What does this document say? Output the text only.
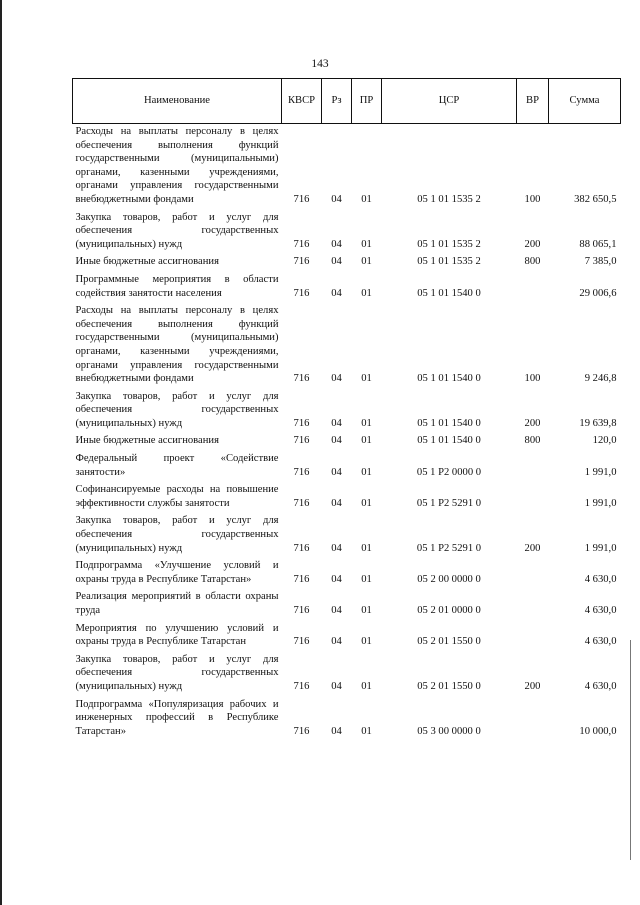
143
Наименование	КВСР	Рз	ПР	ЦСР	ВР	Сумма
Расходы на выплаты персоналу в целях обеспечения выполнения функций государственными (муниципальными) органами, казенными учреждениями, органами управления государственными внебюджетными фондами	716	04	01	05 1 01 1535 2	100	382 650,5
Закупка товаров, работ и услуг для обеспечения государственных (муниципальных) нужд	716	04	01	05 1 01 1535 2	200	88 065,1
Иные бюджетные ассигнования	716	04	01	05 1 01 1535 2	800	7 385,0
Программные мероприятия в области содействия занятости населения	716	04	01	05 1 01 1540 0		29 006,6
Расходы на выплаты персоналу в целях обеспечения выполнения функций государственными (муниципальными) органами, казенными учреждениями, органами управления государственными внебюджетными фондами	716	04	01	05 1 01 1540 0	100	9 246,8
Закупка товаров, работ и услуг для обеспечения государственных (муниципальных) нужд	716	04	01	05 1 01 1540 0	200	19 639,8
Иные бюджетные ассигнования	716	04	01	05 1 01 1540 0	800	120,0
Федеральный проект «Содействие занятости»	716	04	01	05 1 Р2 0000 0		1 991,0
Софинансируемые расходы на повышение эффективности службы занятости	716	04	01	05 1 Р2 5291 0		1 991,0
Закупка товаров, работ и услуг для обеспечения государственных (муниципальных) нужд	716	04	01	05 1 Р2 5291 0	200	1 991,0
Подпрограмма «Улучшение условий и охраны труда в Республике Татарстан»	716	04	01	05 2 00 0000 0		4 630,0
Реализация мероприятий в области охраны труда	716	04	01	05 2 01 0000 0		4 630,0
Мероприятия по улучшению условий и охраны труда в Республике Татарстан	716	04	01	05 2 01 1550 0		4 630,0
Закупка товаров, работ и услуг для обеспечения государственных (муниципальных) нужд	716	04	01	05 2 01 1550 0	200	4 630,0
Подпрограмма «Популяризация рабочих и инженерных профессий в Республике Татарстан»	716	04	01	05 3 00 0000 0		10 000,0
